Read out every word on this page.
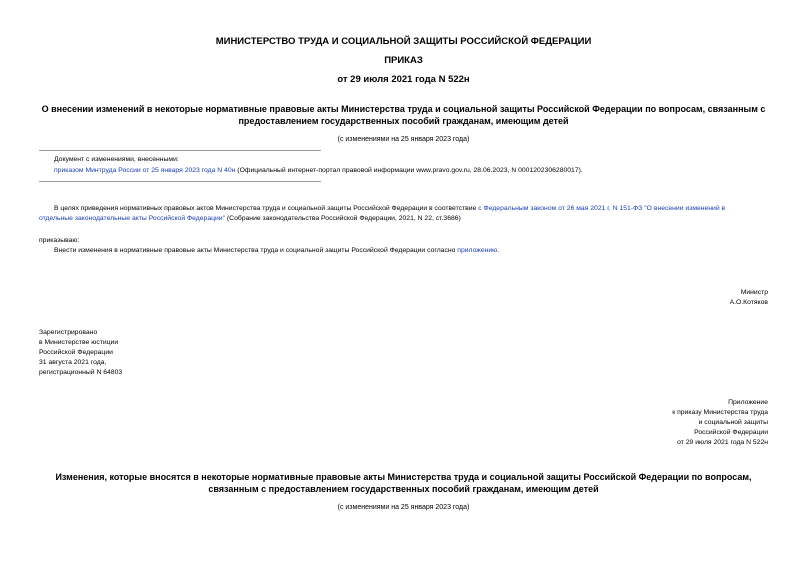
МИНИСТЕРСТВО ТРУДА И СОЦИАЛЬНОЙ ЗАЩИТЫ РОССИЙСКОЙ ФЕДЕРАЦИИ
ПРИКАЗ
от 29 июля 2021 года N 522н
О внесении изменений в некоторые нормативные правовые акты Министерства труда и социальной защиты Российской Федерации по вопросам, связанным с
предоставлением государственных пособий гражданам, имеющим детей
(с изменениями на 25 января 2023 года)
Документ с изменениями, внесенными:
приказом Минтруда России от 25 января 2023 года N 40н (Официальный интернет-портал правовой информации www.pravo.gov.ru, 28.06.2023, N 0001202306280017).
В целях приведения нормативных правовых актов Министерства труда и социальной защиты Российской Федерации в соответствие с Федеральным законом от 26 мая 2021 г. N 151-ФЗ "О внесении изменений в
отдельные законодательные акты Российской Федерации" (Собрание законодательства Российской Федерации, 2021, N 22, ст.3686)
приказываю:
Внести изменения в нормативные правовые акты Министерства труда и социальной защиты Российской Федерации согласно приложению.
Министр
А.О.Котяков
Зарегистрировано
в Министерстве юстиции
Российской Федерации
31 августа 2021 года,
регистрационный N 64803
Приложение
к приказу Министерства труда
и социальной защиты
Российской Федерации
от 29 июля 2021 года N 522н
Изменения, которые вносятся в некоторые нормативные правовые акты Министерства труда и социальной защиты Российской Федерации по вопросам,
связанным с предоставлением государственных пособий гражданам, имеющим детей
(с изменениями на 25 января 2023 года)
